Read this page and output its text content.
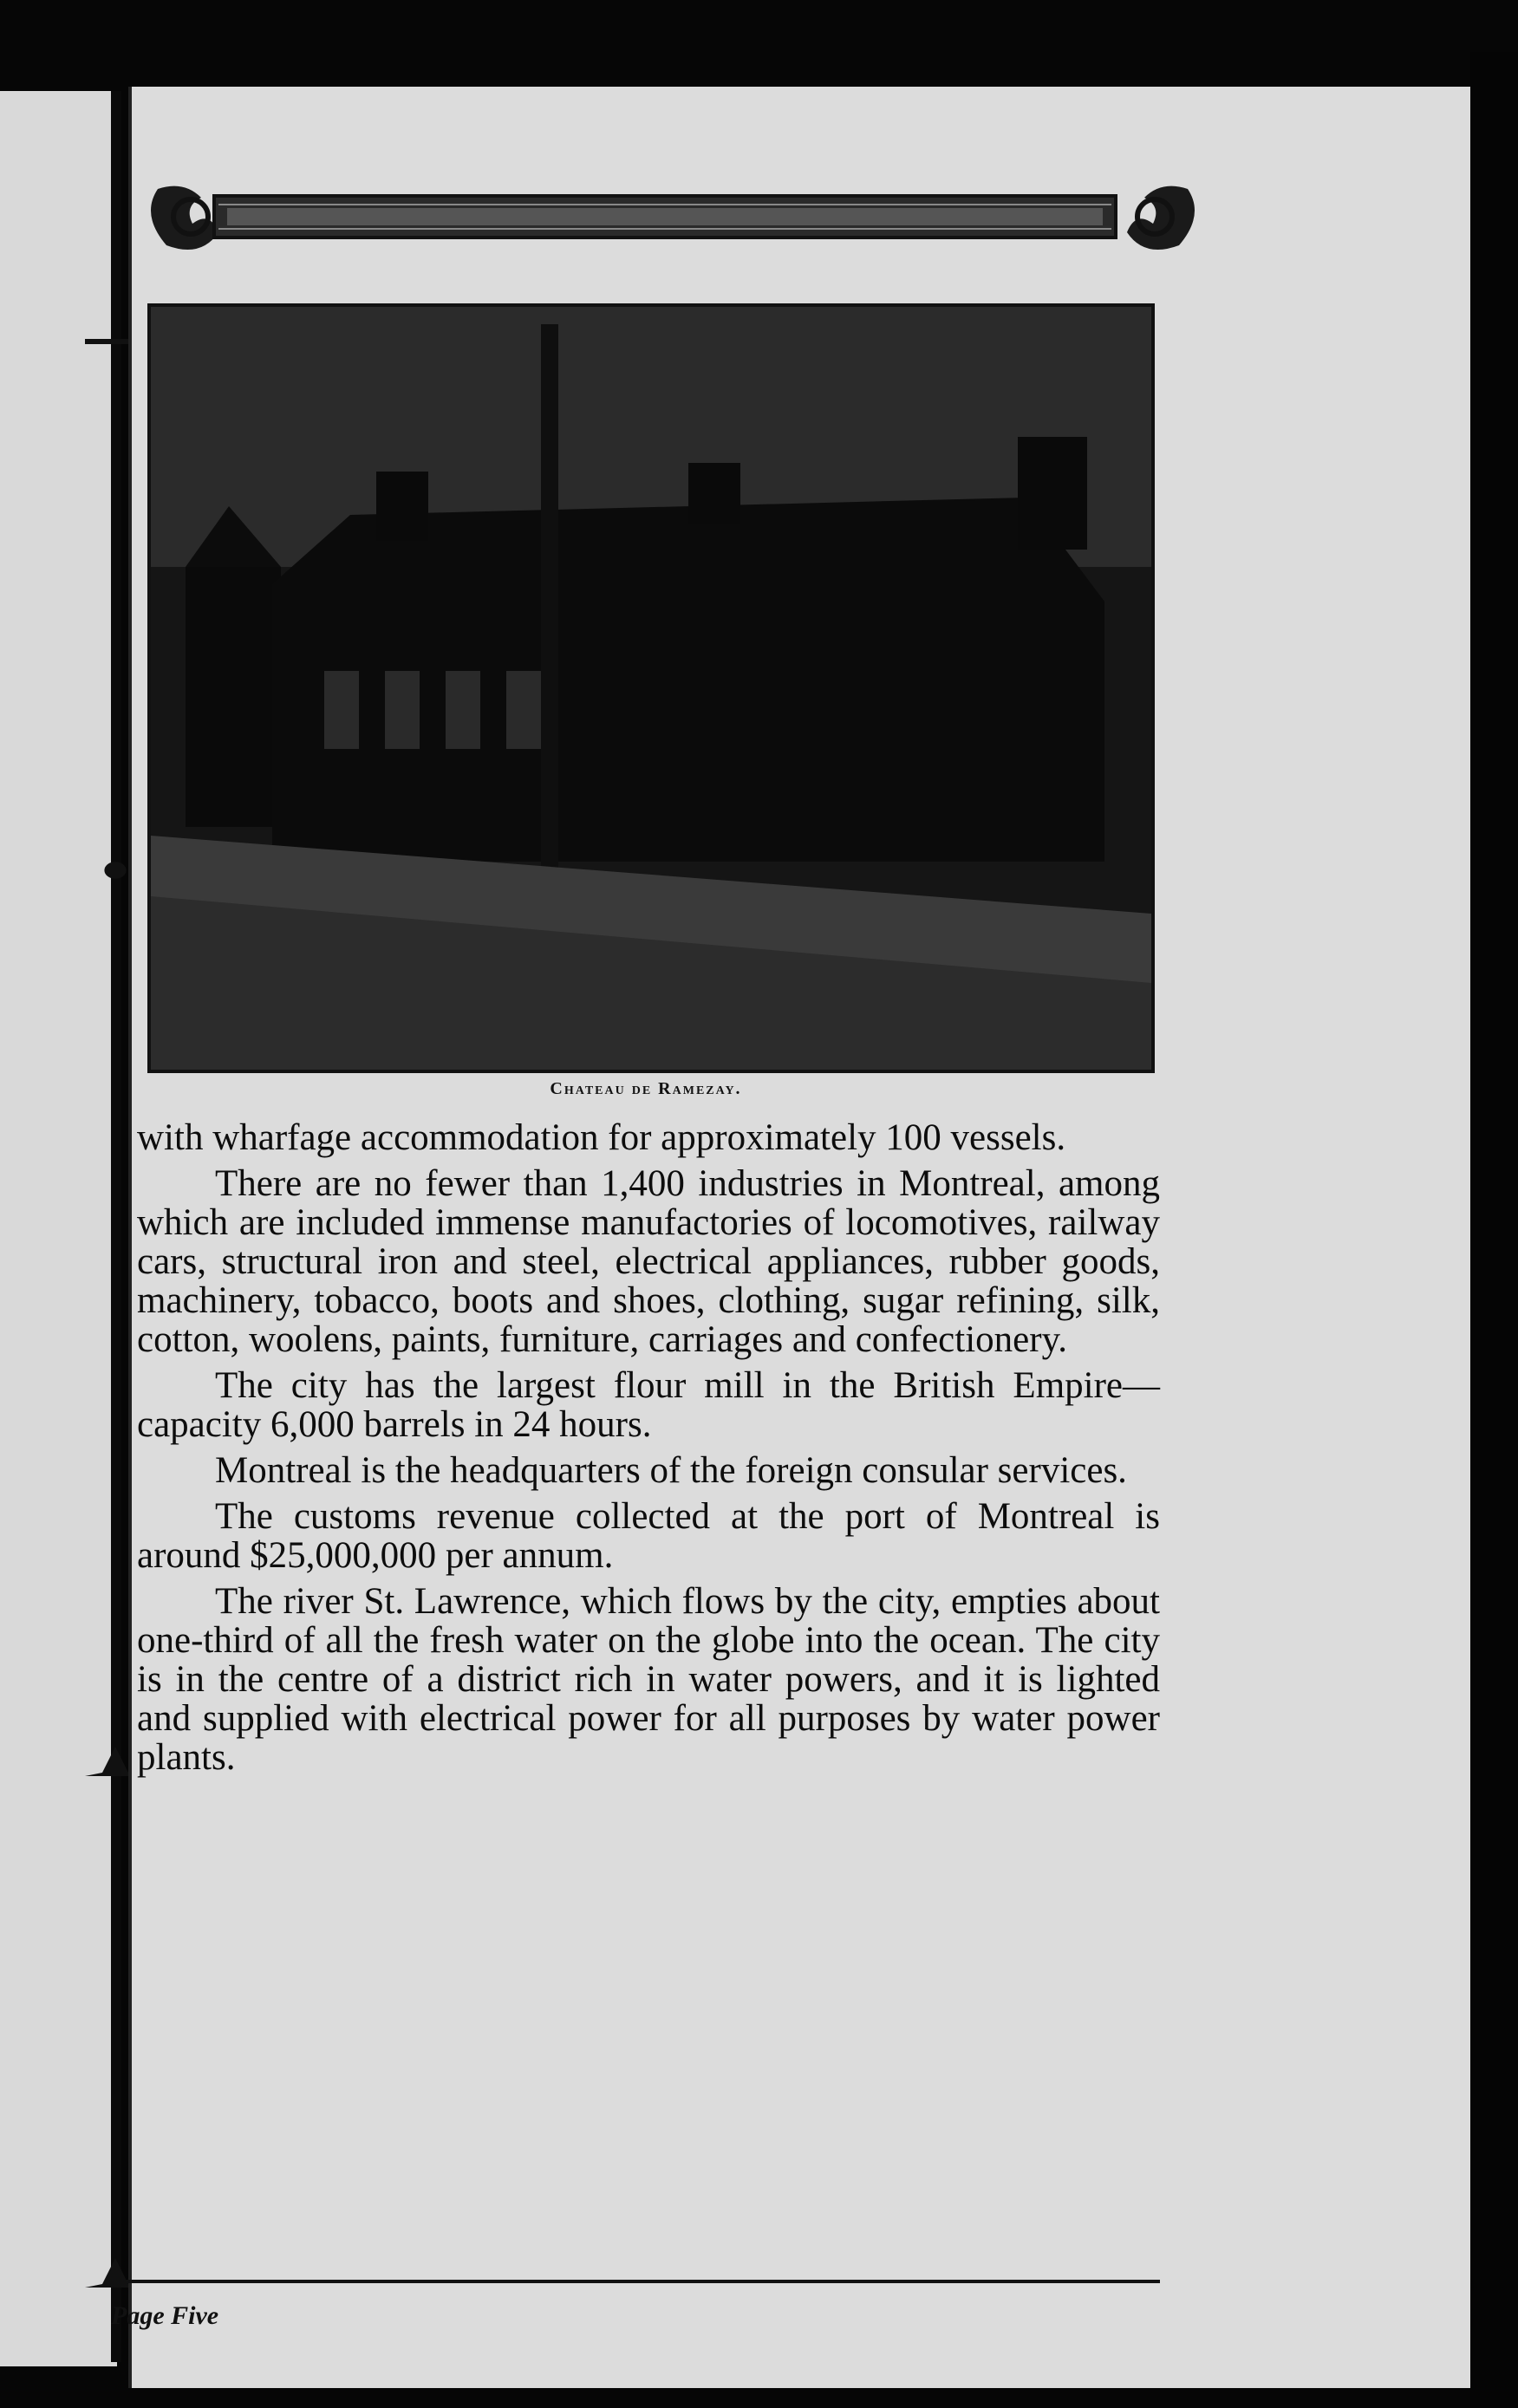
Chateau de Ramezay.

with wharfage accommodation for approximately 100 vessels.

There are no fewer than 1,400 industries in Montreal, among which are included immense manufactories of locomotives, railway cars, structural iron and steel, electrical appliances, rubber goods, machinery, tobacco, boots and shoes, clothing, sugar refining, silk, cotton, woolens, paints, furniture, carriages and confectionery.

The city has the largest flour mill in the British Empire—capacity 6,000 barrels in 24 hours.

Montreal is the headquarters of the foreign consular services.

The customs revenue collected at the port of Montreal is around $25,000,000 per annum.

The river St. Lawrence, which flows by the city, empties about one-third of all the fresh water on the globe into the ocean. The city is in the centre of a district rich in water powers, and it is lighted and supplied with electrical power for all purposes by water power plants.

Page Five
